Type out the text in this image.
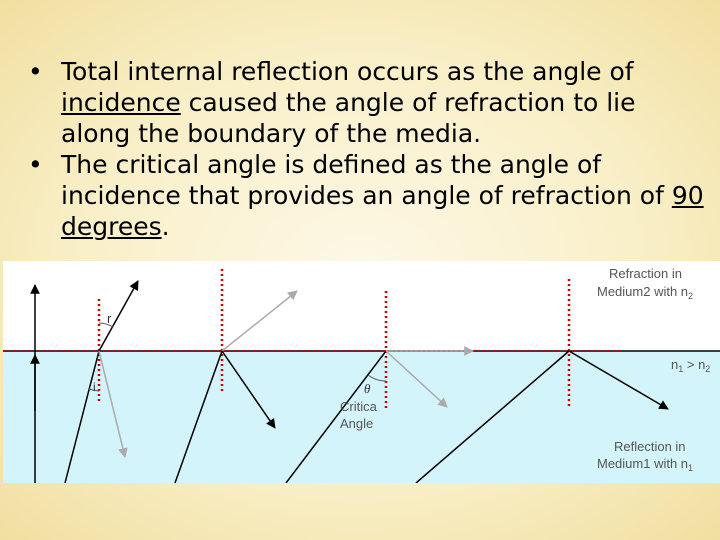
• Total internal reflection occurs as the angle of incidence caused the angle of refraction to lie along the boundary of the media.
• The critical angle is defined as the angle of incidence that provides an angle of refraction of 90 degrees.
r
i	θ
Critica
Angle
Refraction in
Medium2 with $n_2$
$n_1 > n_2$
Reflection in
Medium1 with $n_1$
